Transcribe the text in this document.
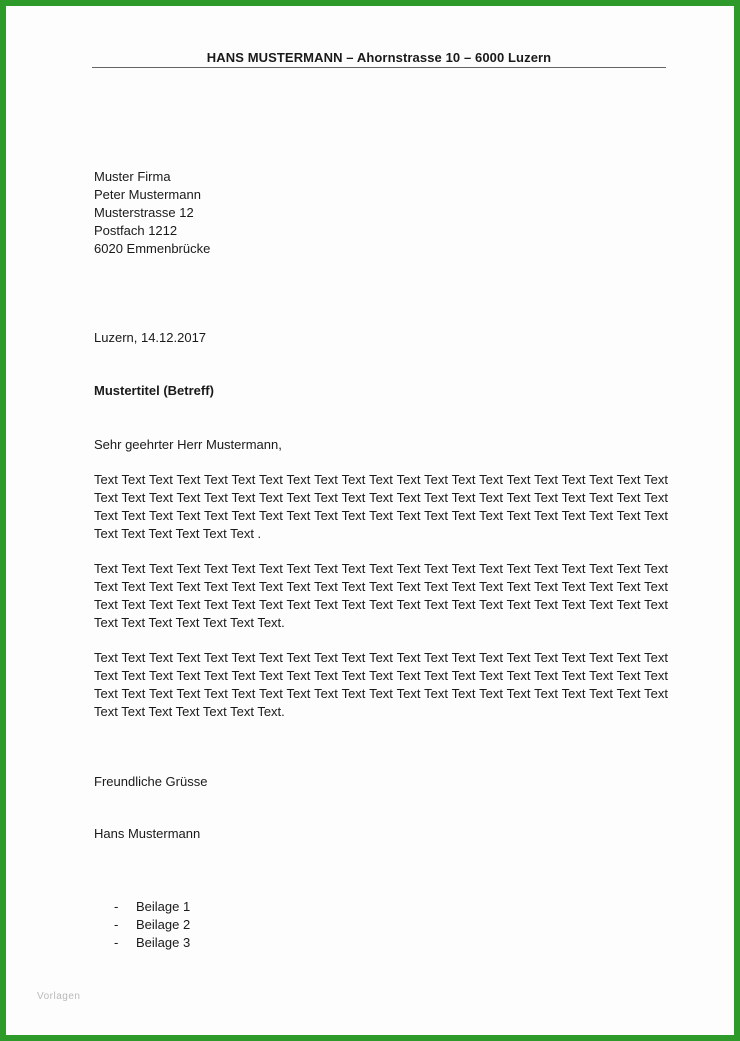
HANS MUSTERMANN – Ahornstrasse 10 – 6000 Luzern
Muster Firma
Peter Mustermann
Musterstrasse 12
Postfach 1212
6020 Emmenbrücke
Luzern, 14.12.2017
Mustertitel (Betreff)
Sehr geehrter Herr Mustermann,
Text Text Text Text Text Text Text Text Text Text Text Text Text Text Text Text Text Text Text Text Text Text Text Text Text Text Text Text Text Text Text Text Text Text Text Text Text Text Text Text Text Text Text Text Text Text Text Text Text Text Text Text Text Text Text Text Text Text Text Text Text Text Text Text Text Text Text Text Text .
Text Text Text Text Text Text Text Text Text Text Text Text Text Text Text Text Text Text Text Text Text Text Text Text Text Text Text Text Text Text Text Text Text Text Text Text Text Text Text Text Text Text Text Text Text Text Text Text Text Text Text Text Text Text Text Text Text Text Text Text Text Text Text Text Text Text Text Text Text Text.
Text Text Text Text Text Text Text Text Text Text Text Text Text Text Text Text Text Text Text Text Text Text Text Text Text Text Text Text Text Text Text Text Text Text Text Text Text Text Text Text Text Text Text Text Text Text Text Text Text Text Text Text Text Text Text Text Text Text Text Text Text Text Text Text Text Text Text Text Text Text.
Freundliche Grüsse
Hans Mustermann
-	Beilage 1
-	Beilage 2
-	Beilage 3
Vorlagen
